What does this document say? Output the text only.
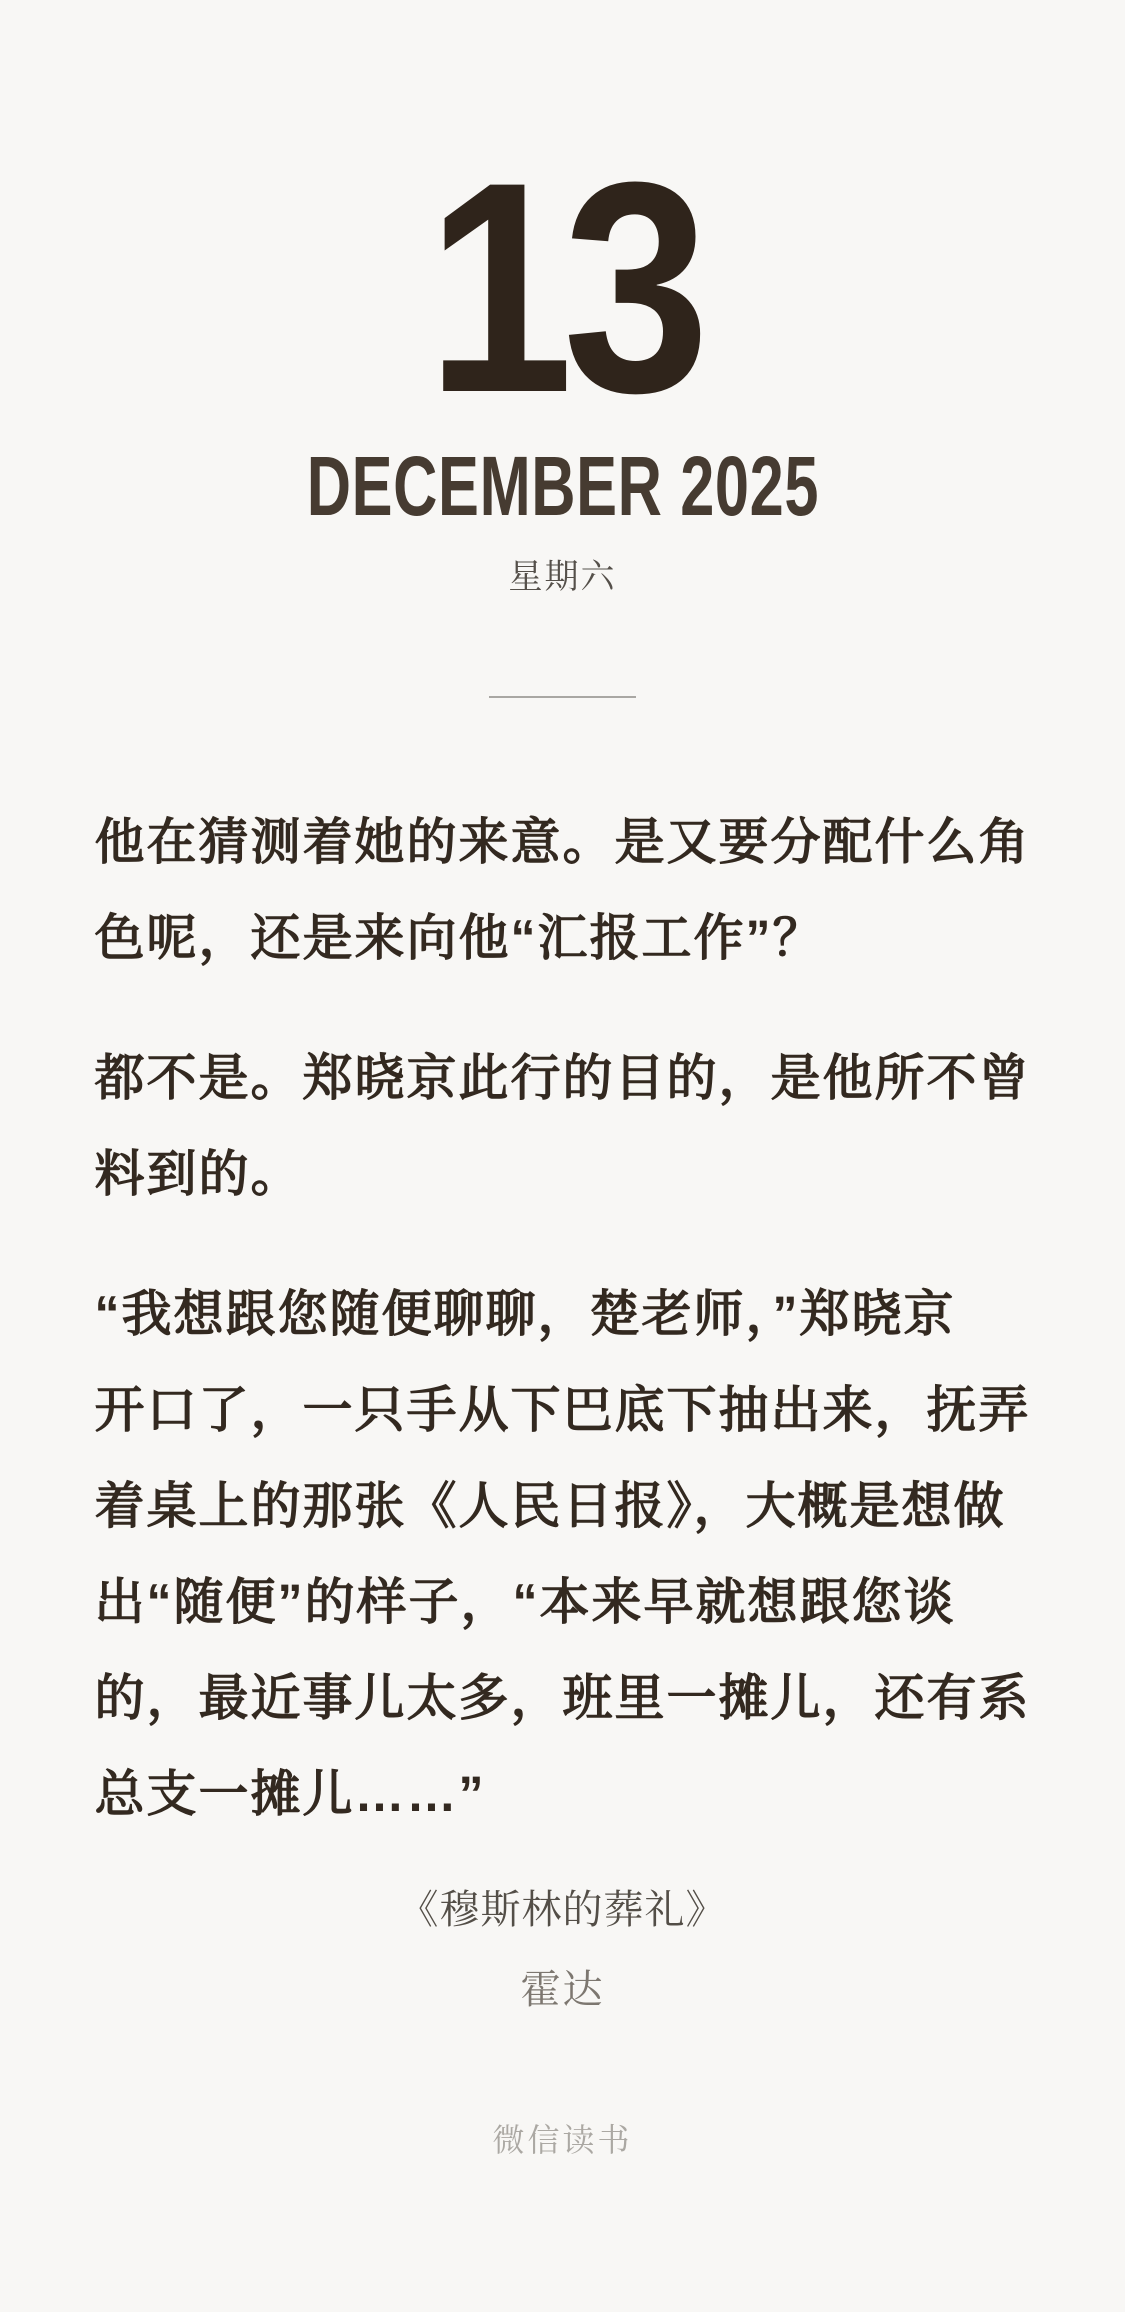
13
DECEMBER 2025
星期六
他在猜测着她的来意。是又要分配什么角
色呢，还是来向他“汇报工作”？
都不是。郑晓京此行的目的，是他所不曾
料到的。
“我想跟您随便聊聊，楚老师，”郑晓京
开口了，一只手从下巴底下抽出来，抚弄
着桌上的那张《人民日报》，大概是想做
出“随便”的样子，“本来早就想跟您谈
的，最近事儿太多，班里一摊儿，还有系
总支一摊儿……”
《穆斯林的葬礼》
霍达
微信读书
